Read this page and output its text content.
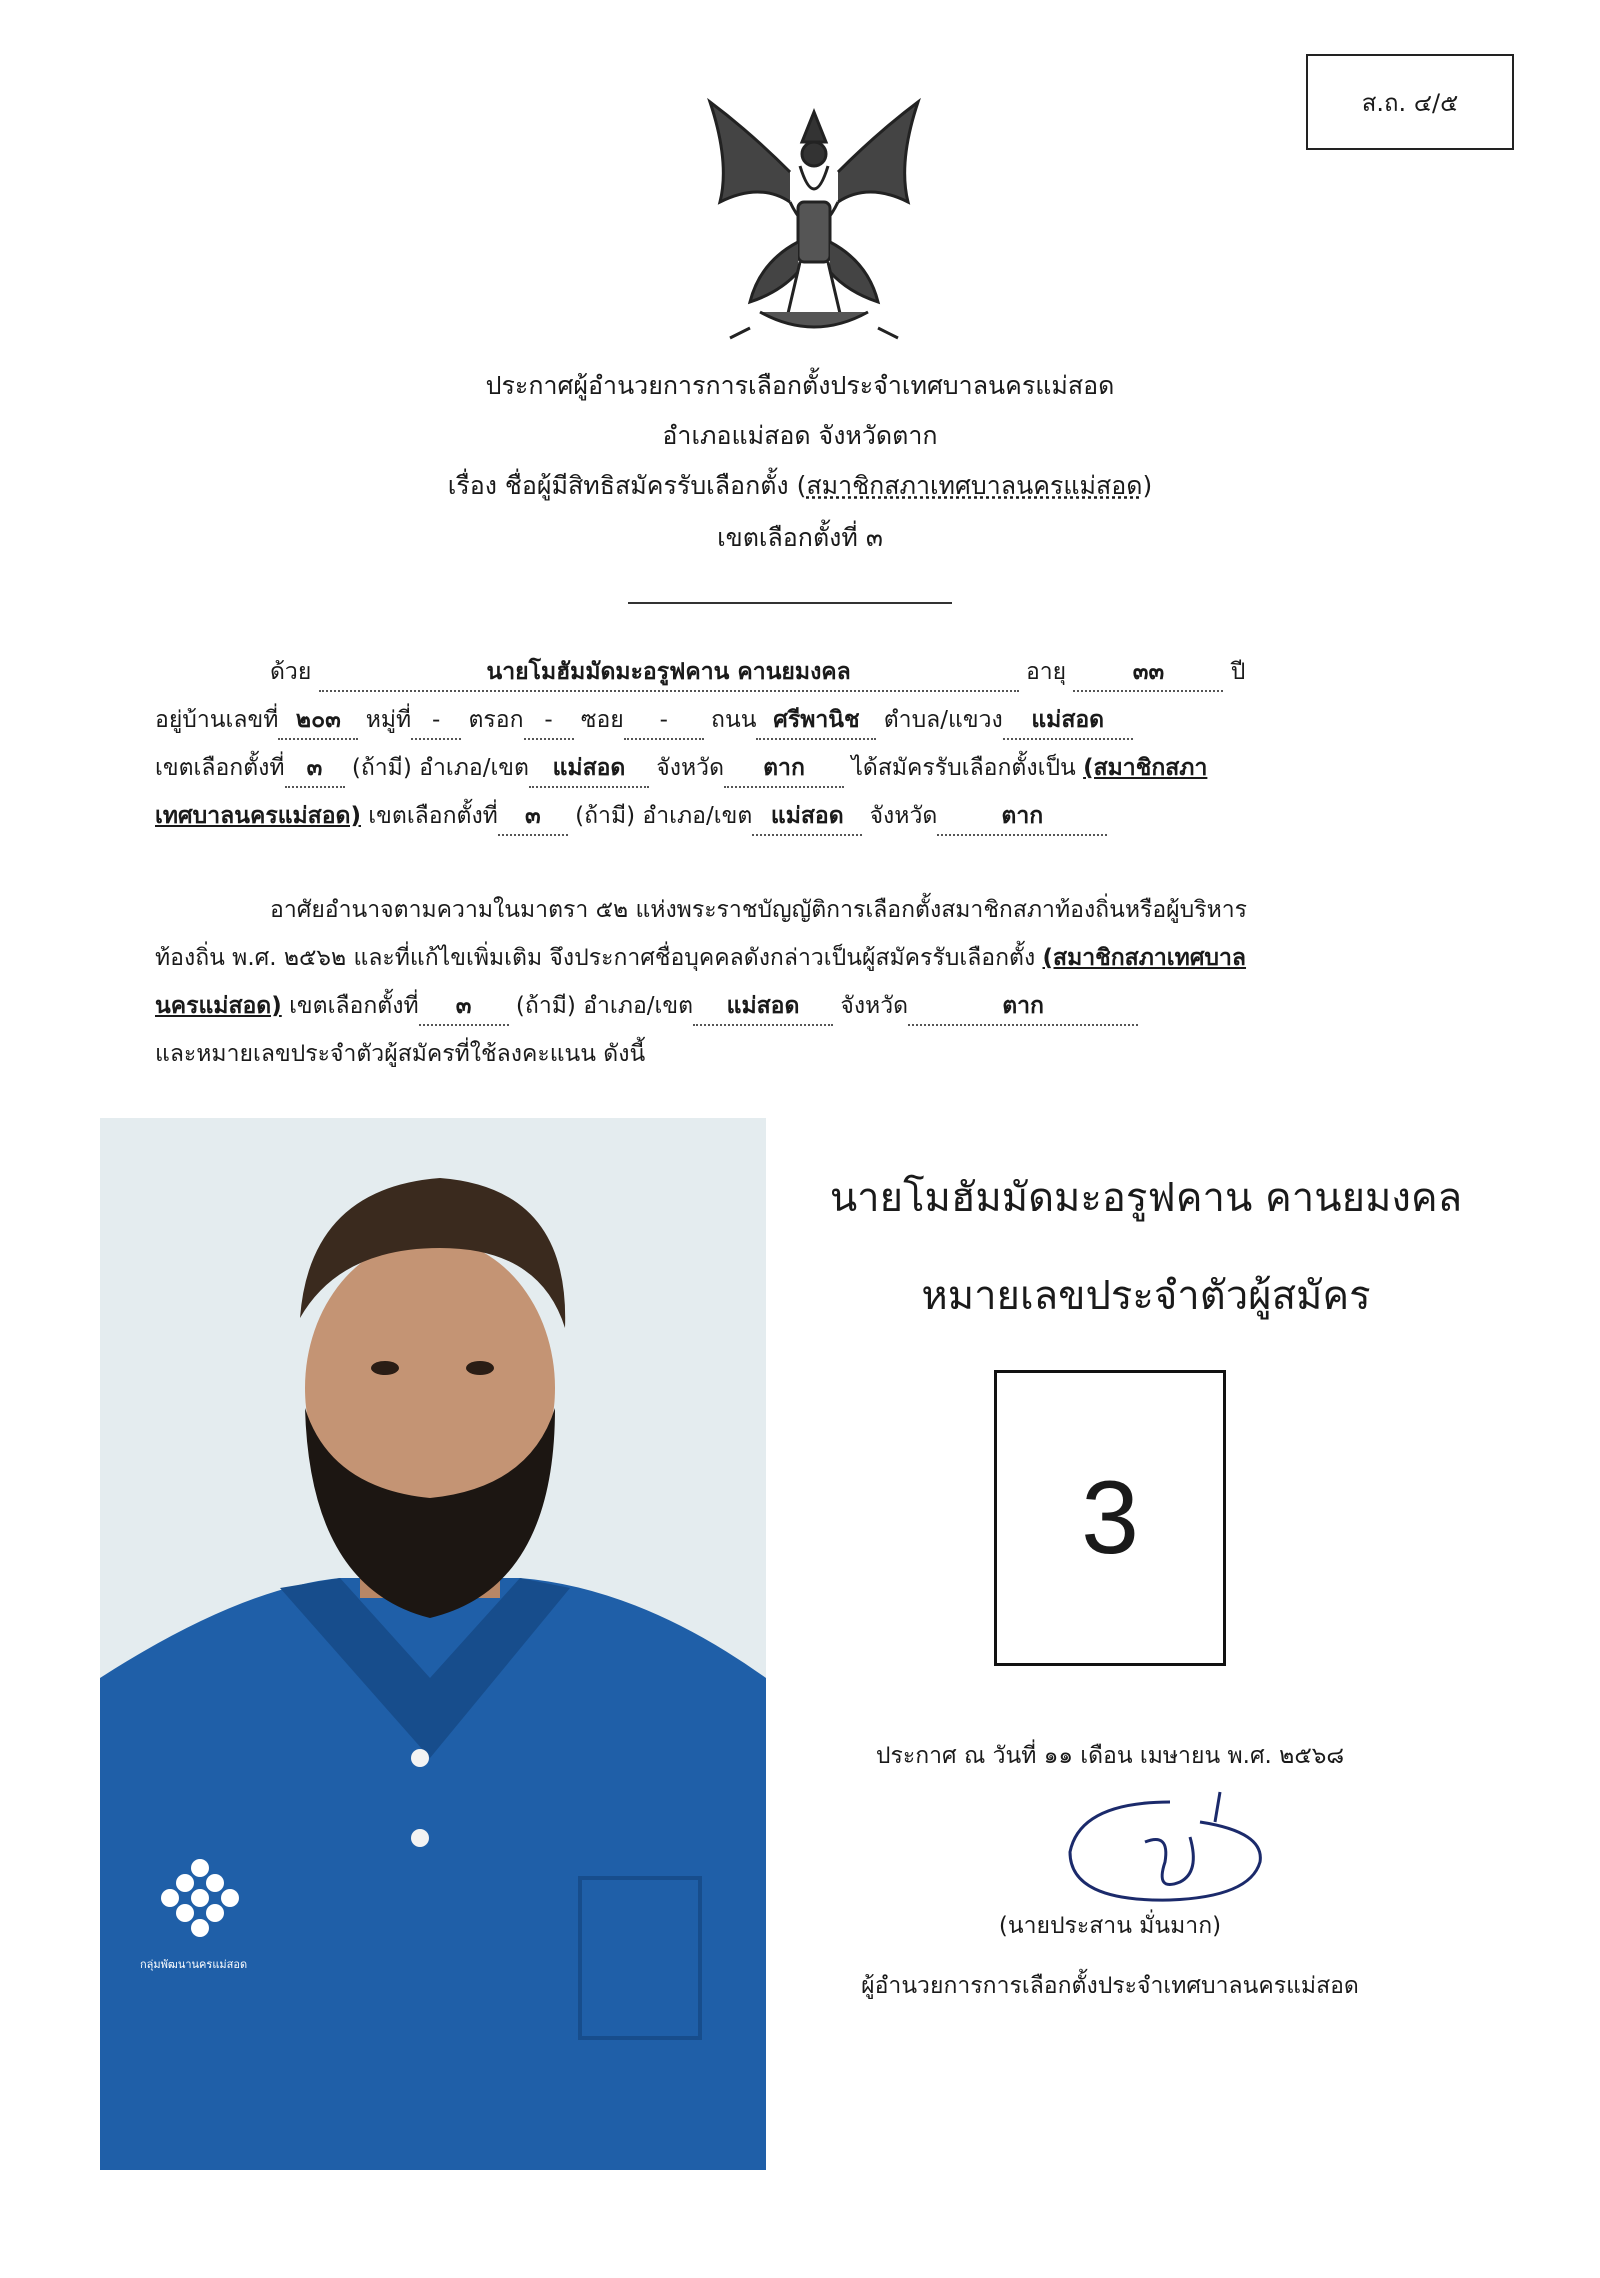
ส.ถ. ๔/๕
ประกาศผู้อำนวยการการเลือกตั้งประจำเทศบาลนครแม่สอด
อำเภอแม่สอด จังหวัดตาก
เรื่อง ชื่อผู้มีสิทธิสมัครรับเลือกตั้ง (สมาชิกสภาเทศบาลนครแม่สอด)
เขตเลือกตั้งที่ ๓
ด้วย	นายโมฮัมมัดมะอรูฟคาน คานยมงคล	อายุ	๓๓	ปี
อยู่บ้านเลขที่ ๒๐๓ หมู่ที่ - ตรอก - ซอย - ถนน ศรีพานิช ตำบล/แขวง แม่สอด
เขตเลือกตั้งที่ ๓ (ถ้ามี) อำเภอ/เขต แม่สอด จังหวัด ตาก ได้สมัครรับเลือกตั้งเป็น (สมาชิกสภา
เทศบาลนครแม่สอด) เขตเลือกตั้งที่ ๓ (ถ้ามี) อำเภอ/เขต แม่สอด จังหวัด	ตาก
อาศัยอำนาจตามความในมาตรา ๕๒ แห่งพระราชบัญญัติการเลือกตั้งสมาชิกสภาท้องถิ่นหรือผู้บริหาร
ท้องถิ่น พ.ศ. ๒๕๖๒ และที่แก้ไขเพิ่มเติม จึงประกาศชื่อบุคคลดังกล่าวเป็นผู้สมัครรับเลือกตั้ง (สมาชิกสภาเทศบาล
นครแม่สอด) เขตเลือกตั้งที่ ๓ (ถ้ามี) อำเภอ/เขต แม่สอด จังหวัด	ตาก
และหมายเลขประจำตัวผู้สมัครที่ใช้ลงคะแนน ดังนี้
กลุ่มพัฒนานครแม่สอด
นายโมฮัมมัดมะอรูฟคาน คานยมงคล
หมายเลขประจำตัวผู้สมัคร
3
ประกาศ ณ วันที่ ๑๑ เดือน เมษายน พ.ศ. ๒๕๖๘
(นายประสาน มั่นมาก)
ผู้อำนวยการการเลือกตั้งประจำเทศบาลนครแม่สอด
